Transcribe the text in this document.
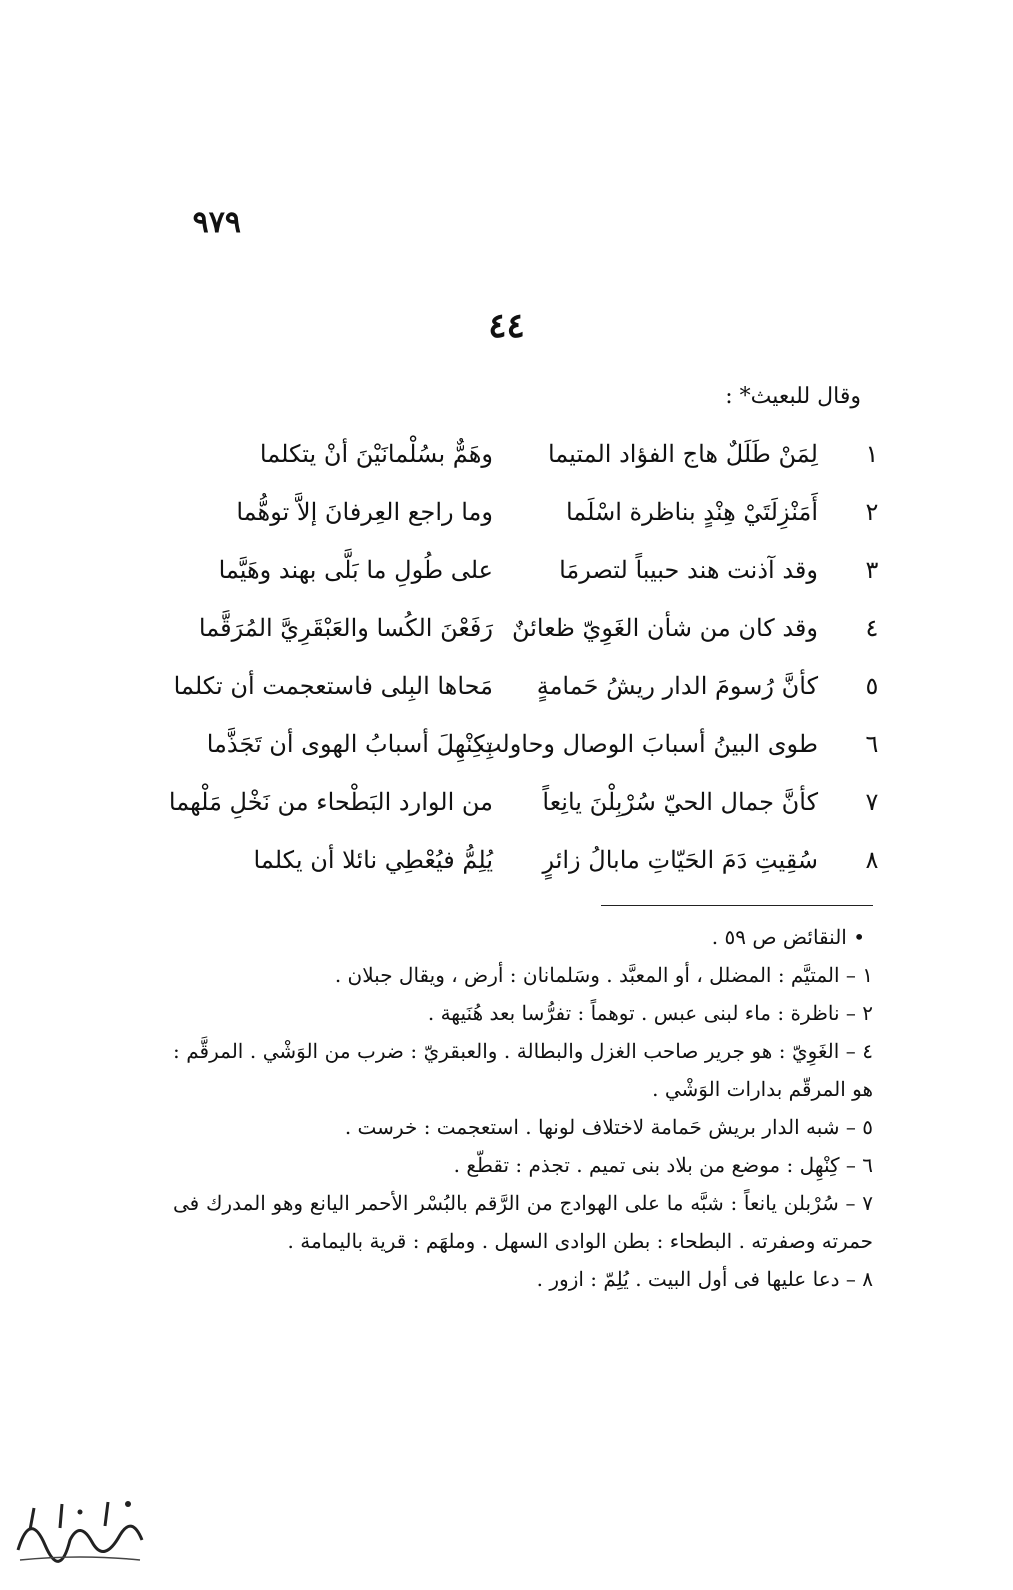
٩٧٩
٤٤
وقال للبعيث* :
١
لِمَنْ طَلَلٌ هاج الفؤاد المتيما
وهَمٌّ بسُلْمانَيْنَ أنْ يتكلما
٢
أَمَنْزِلَتَيْ هِنْدٍ بناظرة اسْلَما
وما راجع العِرفانَ إلاَّ توهُّما
٣
وقد آذنت هند حبيباً لتصرمَا
على طُولِ ما بَلَّى بهند وهَيَّما
٤
وقد كان من شأن الغَوِيّ ظعائنٌ
رَفَعْنَ الكُسا والعَبْقَرِيَّ المُرَقَّما
٥
كأنَّ رُسومَ الدار ريشُ حَمامةٍ
مَحاها البِلى فاستعجمت أن تكلما
٦
طوى البينُ أسبابَ الوصال وحاولت
بِكِنْهِلَ أسبابُ الهوى أن تَجَذَّما
٧
كأنَّ جمال الحيّ سُرْبِلْنَ يانِعاً
من الوارد البَطْحاء من نَخْلِ مَلْهما
٨
سُقِيتِ دَمَ الحَيّاتِ مابالُ زائرٍ
يُلِمُّ فيُعْطِي نائلا أن يكلما
• النقائض ص ٥٩ .
١ – المتيَّم : المضلل ، أو المعبَّد . وسَلمانان : أرض ، ويقال جبلان .
٢ – ناظرة : ماء لبنى عبس . توهماً : تفرُّسا بعد هُنَيهة .
٤ – الغَوِيّ : هو جرير صاحب الغزل والبطالة . والعبقريّ : ضرب من الوَشْي . المرقَّم : هو المرقّم بدارات الوَشْي .
٥ – شبه الدار بريش حَمامة لاختلاف لونها . استعجمت : خرست .
٦ – كِنْهِل : موضع من بلاد بنى تميم . تجذم : تقطّع .
٧ – سُرْبلن يانعاً : شبَّه ما على الهوادج من الرَّقم بالبُسْر الأحمر اليانع وهو المدرك فى حمرته وصفرته . البطحاء : بطن الوادى السهل . وملهَم : قرية باليمامة .
٨ – دعا عليها فى أول البيت . يُلِمّ : ازور .
